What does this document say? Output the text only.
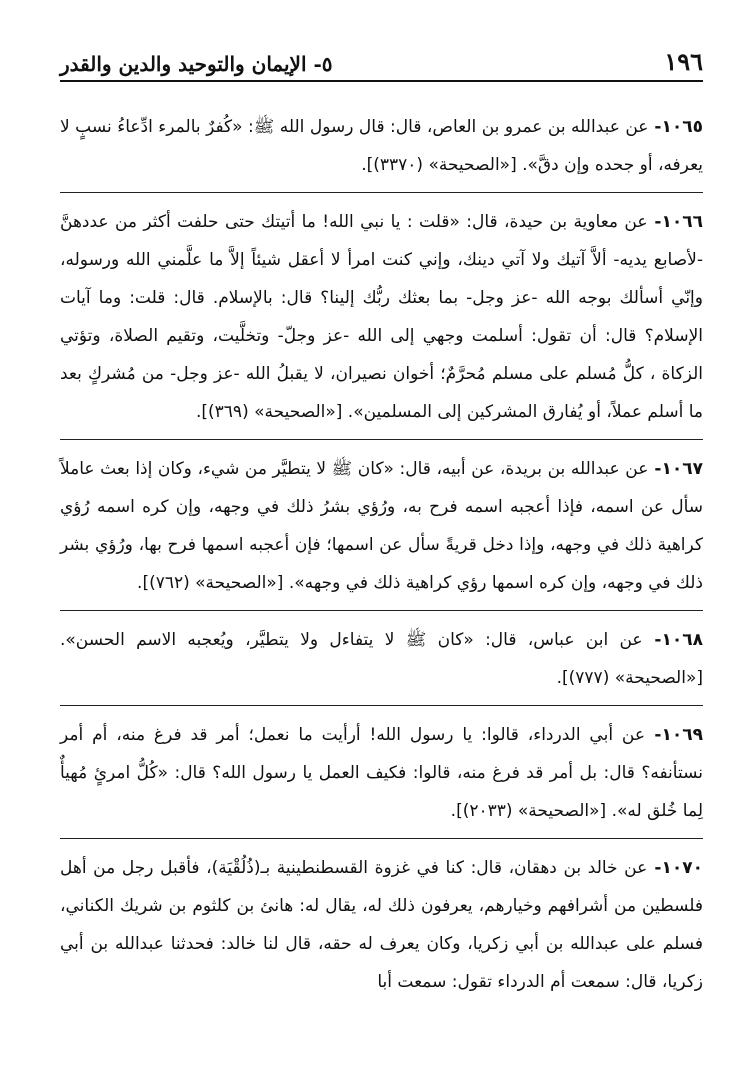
١٩٦
٥- الإيمان والتوحيد والدين والقدر

١٠٦٥- عن عبدالله بن عمرو بن العاص، قال: قال رسول الله ﷺ: «كُفرٌ بالمرء ادِّعاءُ نسبٍ لا يعرفه، أو جحده وإن دقَّ». [«الصحيحة» (٣٣٧٠)].

١٠٦٦- عن معاوية بن حيدة، قال: «قلت : يا نبي الله! ما أتيتك حتى حلفت أكثر من عددهنَّ -لأصابع يديه- ألاَّ آتيك ولا آتي دينك، وإني كنت امرأ لا أعقل شيئاً إلاَّ ما علَّمني الله ورسوله، وإنّي أسألك بوجه الله -عز وجل- بما بعثك ربُّك إلينا؟ قال: بالإسلام. قال: قلت: وما آيات الإسلام؟ قال: أن تقول: أسلمت وجهي إلى الله -عز وجلّ- وتخلَّيت، وتقيم الصلاة، وتؤتي الزكاة ، كلُّ مُسلم على مسلم مُحرَّمٌ؛ أخوان نصيران، لا يقبلُ الله -عز وجل- من مُشركٍ بعد ما أسلم عملاً، أو يُفارق المشركين إلى المسلمين». [«الصحيحة» (٣٦٩)].

١٠٦٧- عن عبدالله بن بريدة، عن أبيه، قال: «كان ﷺ لا يتطيَّر من شيء، وكان إذا بعث عاملاً سأل عن اسمه، فإذا أعجبه اسمه فرح به، ورُؤي بشرُ ذلك في وجهه، وإن كره اسمه رُؤي كراهية ذلك في وجهه، وإذا دخل قريةً سأل عن اسمها؛ فإن أعجبه اسمها فرح بها، ورُؤي بشر ذلك في وجهه، وإن كره اسمها رؤي كراهية ذلك في وجهه». [«الصحيحة» (٧٦٢)].

١٠٦٨- عن ابن عباس، قال: «كان ﷺ لا يتفاءل ولا يتطيَّر، ويُعجبه الاسم الحسن». [«الصحيحة» (٧٧٧)].

١٠٦٩- عن أبي الدرداء، قالوا: يا رسول الله! أرأيت ما نعمل؛ أمر قد فرغ منه، أم أمر نستأنفه؟ قال: بل أمر قد فرغ منه، قالوا: فكيف العمل يا رسول الله؟ قال: «كُلُّ امرئٍ مُهيأٌ لِما خُلق له». [«الصحيحة» (٢٠٣٣)].

١٠٧٠- عن خالد بن دهقان، قال: كنا في غزوة القسطنطينية بـ(ذُلُقْيَة)، فأقبل رجل من أهل فلسطين من أشرافهم وخيارهم، يعرفون ذلك له، يقال له: هانئ بن كلثوم بن شريك الكناني، فسلم على عبدالله بن أبي زكريا، وكان يعرف له حقه، قال لنا خالد: فحدثنا عبدالله بن أبي زكريا، قال: سمعت أم الدرداء تقول: سمعت أبا
